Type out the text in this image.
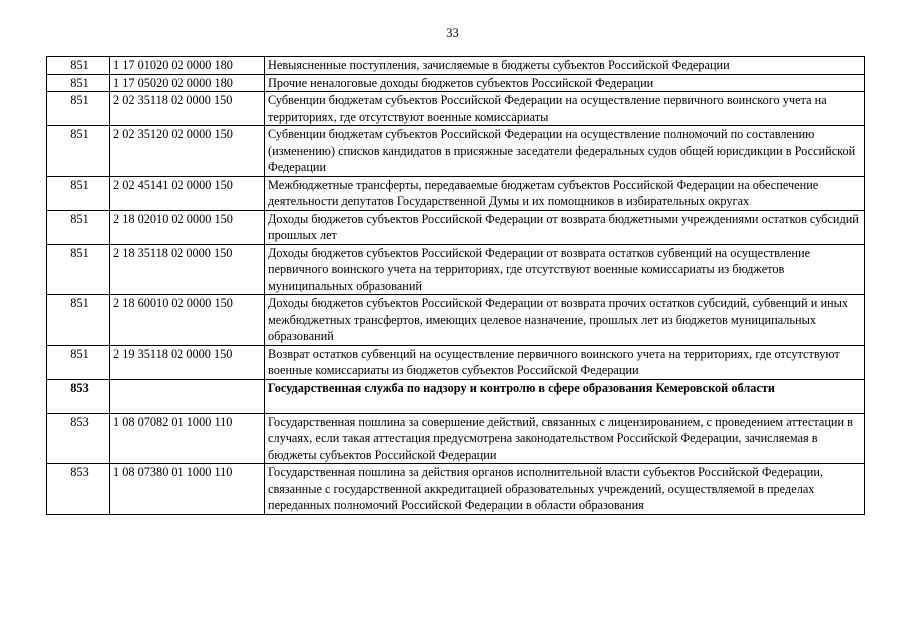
33
851	1 17 01020 02 0000 180	Невыясненные поступления, зачисляемые в бюджеты субъектов Российской Федерации
851	1 17 05020 02 0000 180	Прочие неналоговые доходы бюджетов субъектов Российской Федерации
851	2 02 35118 02 0000 150	Субвенции бюджетам субъектов Российской Федерации на осуществление первичного воинского учета на территориях, где отсутствуют военные комиссариаты
851	2 02 35120 02 0000 150	Субвенции бюджетам субъектов Российской Федерации на осуществление полномочий по составлению (изменению) списков кандидатов в присяжные заседатели федеральных судов общей юрисдикции в Российской Федерации
851	2 02 45141 02 0000 150	Межбюджетные трансферты, передаваемые бюджетам субъектов Российской Федерации на обеспечение деятельности депутатов Государственной Думы и их помощников в избирательных округах
851	2 18 02010 02 0000 150	Доходы бюджетов субъектов Российской Федерации от возврата бюджетными учреждениями остатков субсидий прошлых лет
851	2 18 35118 02 0000 150	Доходы бюджетов субъектов Российской Федерации от возврата остатков субвенций на осуществление первичного воинского учета на территориях, где отсутствуют военные комиссариаты из бюджетов муниципальных образований
851	2 18 60010 02 0000 150	Доходы бюджетов субъектов Российской Федерации от возврата прочих остатков субсидий, субвенций и иных межбюджетных трансфертов, имеющих целевое назначение, прошлых лет из бюджетов муниципальных образований
851	2 19 35118 02 0000 150	Возврат остатков субвенций на осуществление первичного воинского учета на территориях, где отсутствуют военные комиссариаты из бюджетов субъектов Российской Федерации
853		Государственная служба по надзору и контролю в сфере образования Кемеровской области
853	1 08 07082 01 1000 110	Государственная пошлина за совершение действий, связанных с лицензированием, с проведением аттестации в случаях, если такая аттестация предусмотрена законодательством Российской Федерации, зачисляемая в бюджеты субъектов Российской Федерации
853	1 08 07380 01 1000 110	Государственная пошлина за действия органов исполнительной власти субъектов Российской Федерации, связанные с государственной аккредитацией образовательных учреждений, осуществляемой в пределах переданных полномочий Российской Федерации в области образования
